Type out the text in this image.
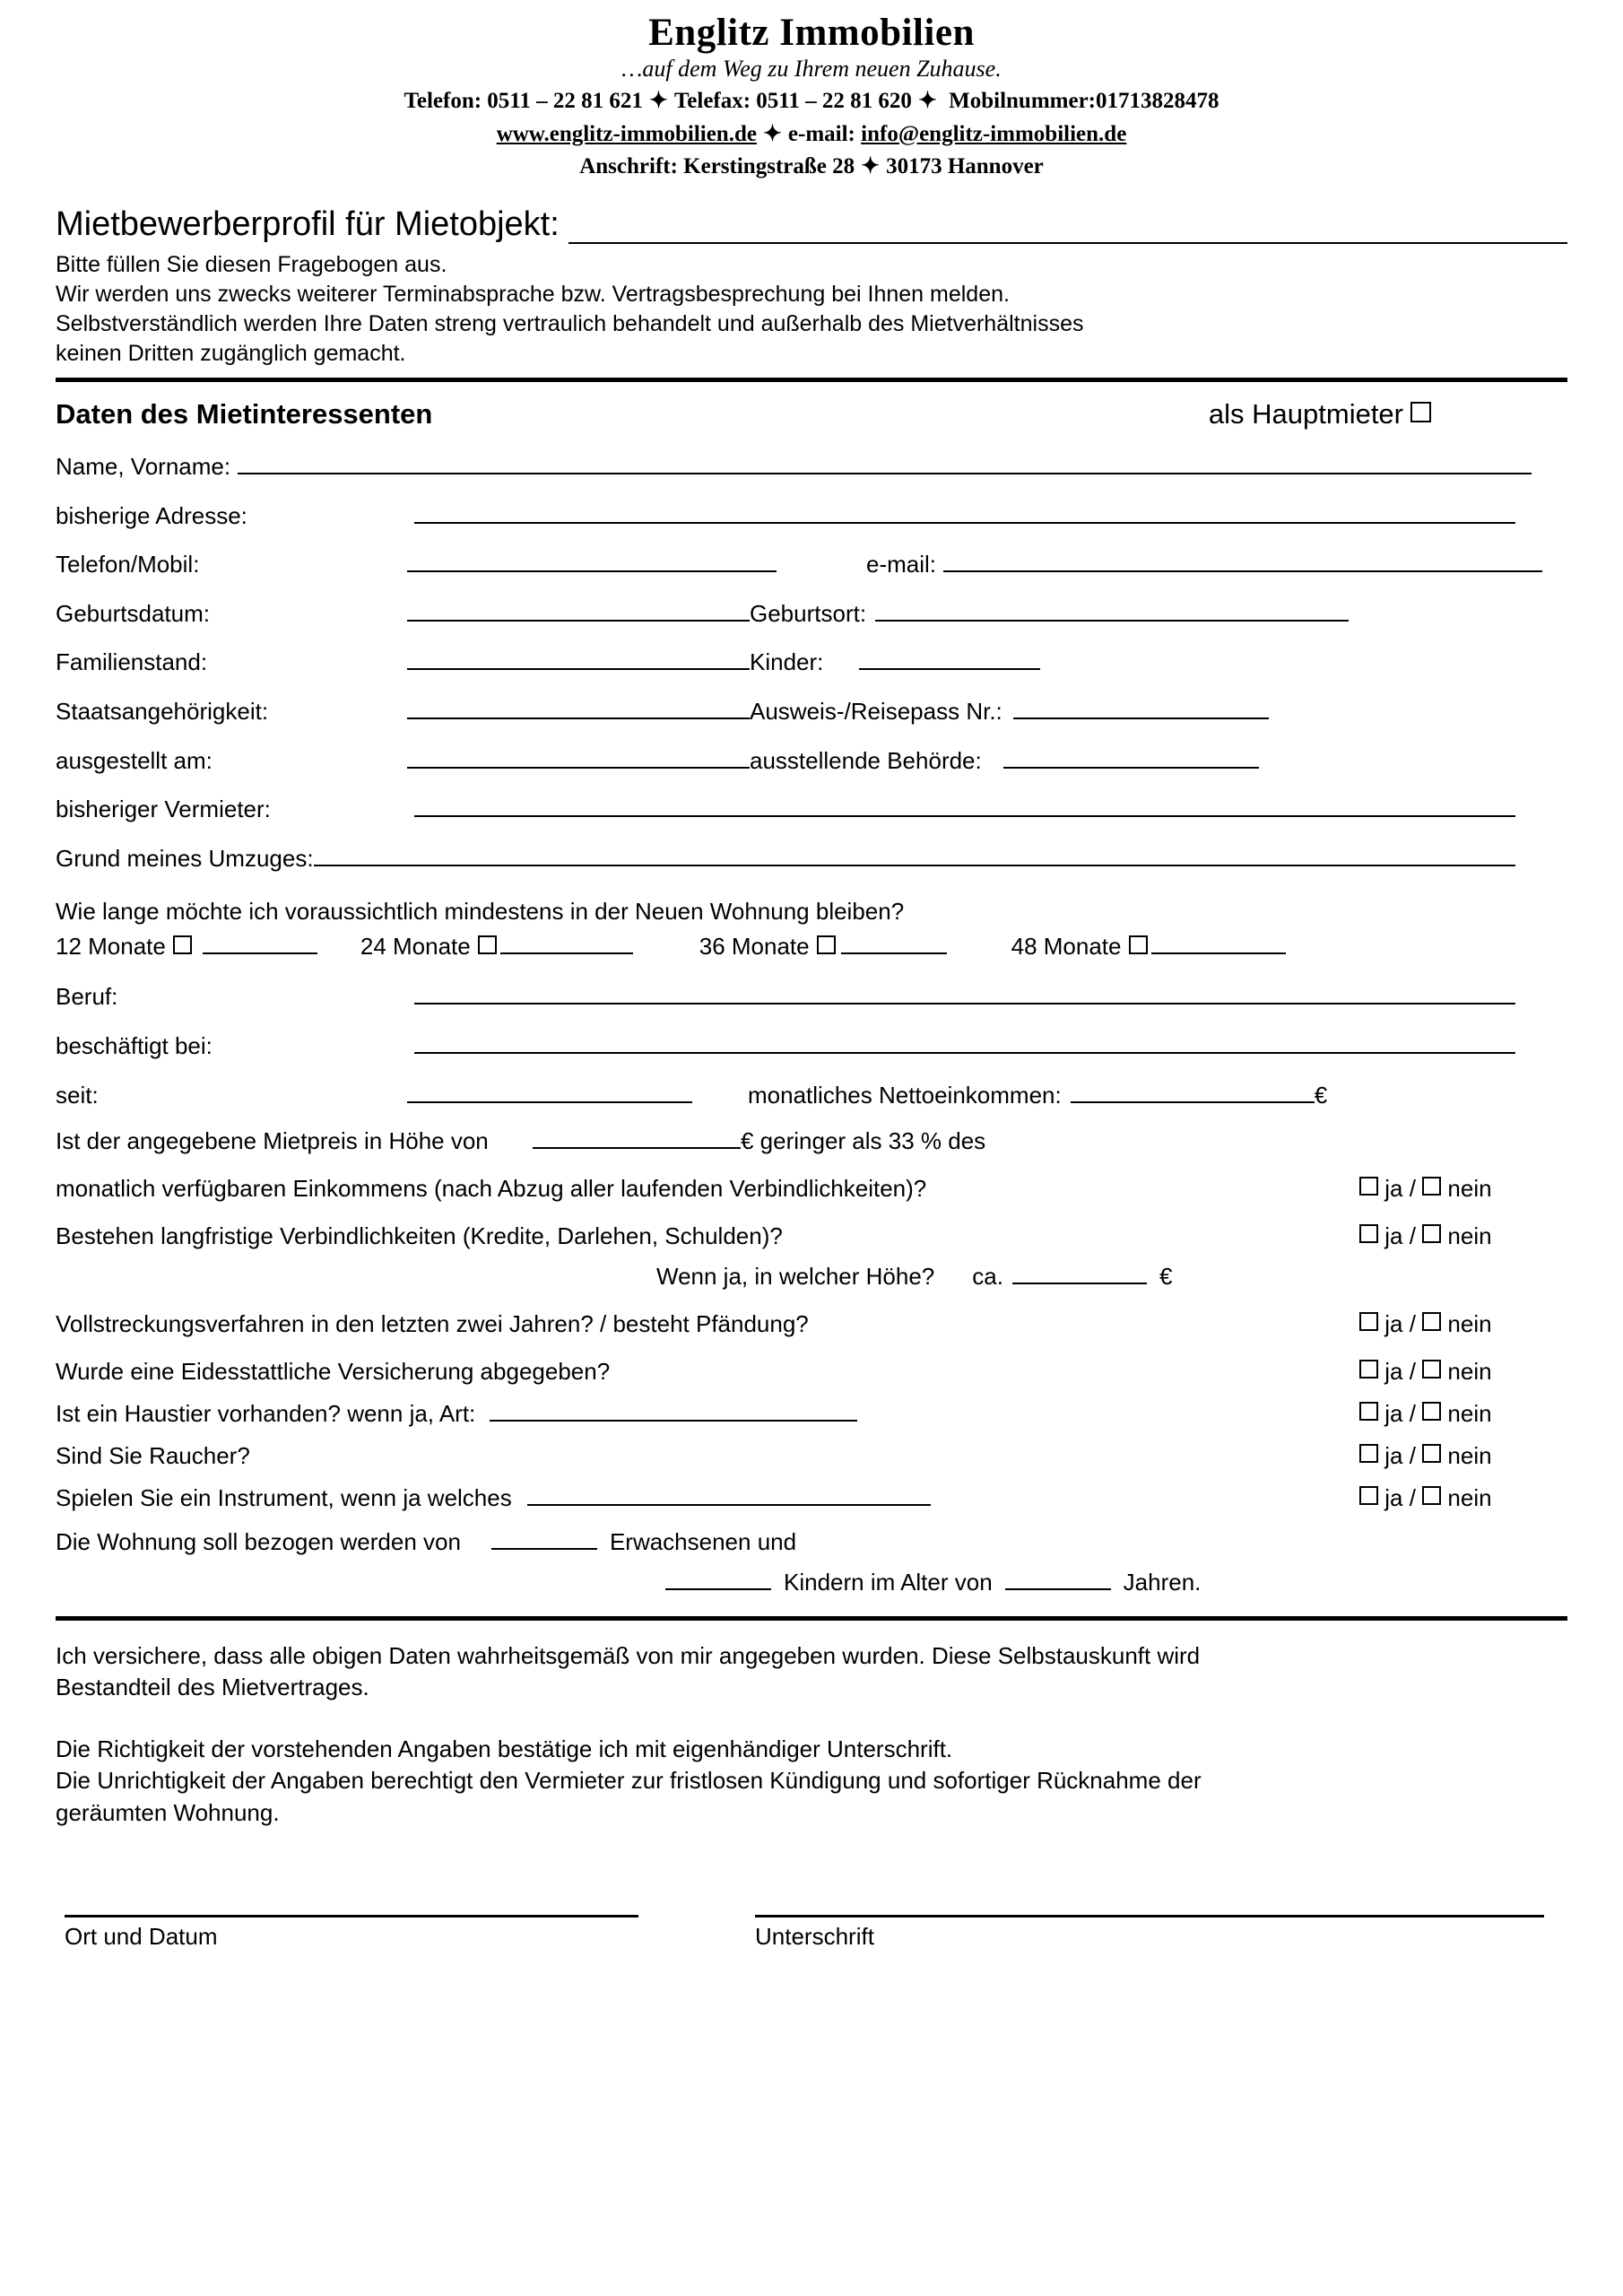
Englitz Immobilien
…auf dem Weg zu Ihrem neuen Zuhause.
Telefon: 0511 – 22 81 621 ✦ Telefax: 0511 – 22 81 620 ✦ Mobilnummer:01713828478
www.englitz-immobilien.de ✦ e-mail: info@englitz-immobilien.de
Anschrift: Kerstingstraße 28 ✦ 30173 Hannover
Mietbewerberprofil für Mietobjekt:
Bitte füllen Sie diesen Fragebogen aus.
Wir werden uns zwecks weiterer Terminabsprache bzw. Vertragsbesprechung bei Ihnen melden.
Selbstverständlich werden Ihre Daten streng vertraulich behandelt und außerhalb des Mietverhältnisses
keinen Dritten zugänglich gemacht.
Daten des Mietinteressenten	als Hauptmieter
Name, Vorname:
bisherige Adresse:
Telefon/Mobil:	e-mail:
Geburtsdatum:	Geburtsort:
Familienstand:	Kinder:
Staatsangehörigkeit:	Ausweis-/Reisepass Nr.:
ausgestellt am:	ausstellende Behörde:
bisheriger Vermieter:
Grund meines Umzuges:
Wie lange möchte ich voraussichtlich mindestens in der Neuen Wohnung bleiben?
12 Monate	24 Monate	36 Monate	48 Monate
Beruf:
beschäftigt bei:
seit:	monatliches Nettoeinkommen:	€
Ist der angegebene Mietpreis in Höhe von	€ geringer als 33 % des
monatlich verfügbaren Einkommens (nach Abzug aller laufenden Verbindlichkeiten)?	ja / nein
Bestehen langfristige Verbindlichkeiten (Kredite, Darlehen, Schulden)?	ja / nein
Wenn ja, in welcher Höhe? ca.	€
Vollstreckungsverfahren in den letzten zwei Jahren? / besteht Pfändung?	ja / nein
Wurde eine Eidesstattliche Versicherung abgegeben?	ja / nein
Ist ein Haustier vorhanden? wenn ja, Art:	ja / nein
Sind Sie Raucher?	ja / nein
Spielen Sie ein Instrument, wenn ja welches	ja / nein
Die Wohnung soll bezogen werden von	Erwachsenen und
Kindern im Alter von	Jahren.
Ich versichere, dass alle obigen Daten wahrheitsgemäß von mir angegeben wurden. Diese Selbstauskunft wird
Bestandteil des Mietvertrages.
Die Richtigkeit der vorstehenden Angaben bestätige ich mit eigenhändiger Unterschrift.
Die Unrichtigkeit der Angaben berechtigt den Vermieter zur fristlosen Kündigung und sofortiger Rücknahme der
geräumten Wohnung.
Ort und Datum	Unterschrift
